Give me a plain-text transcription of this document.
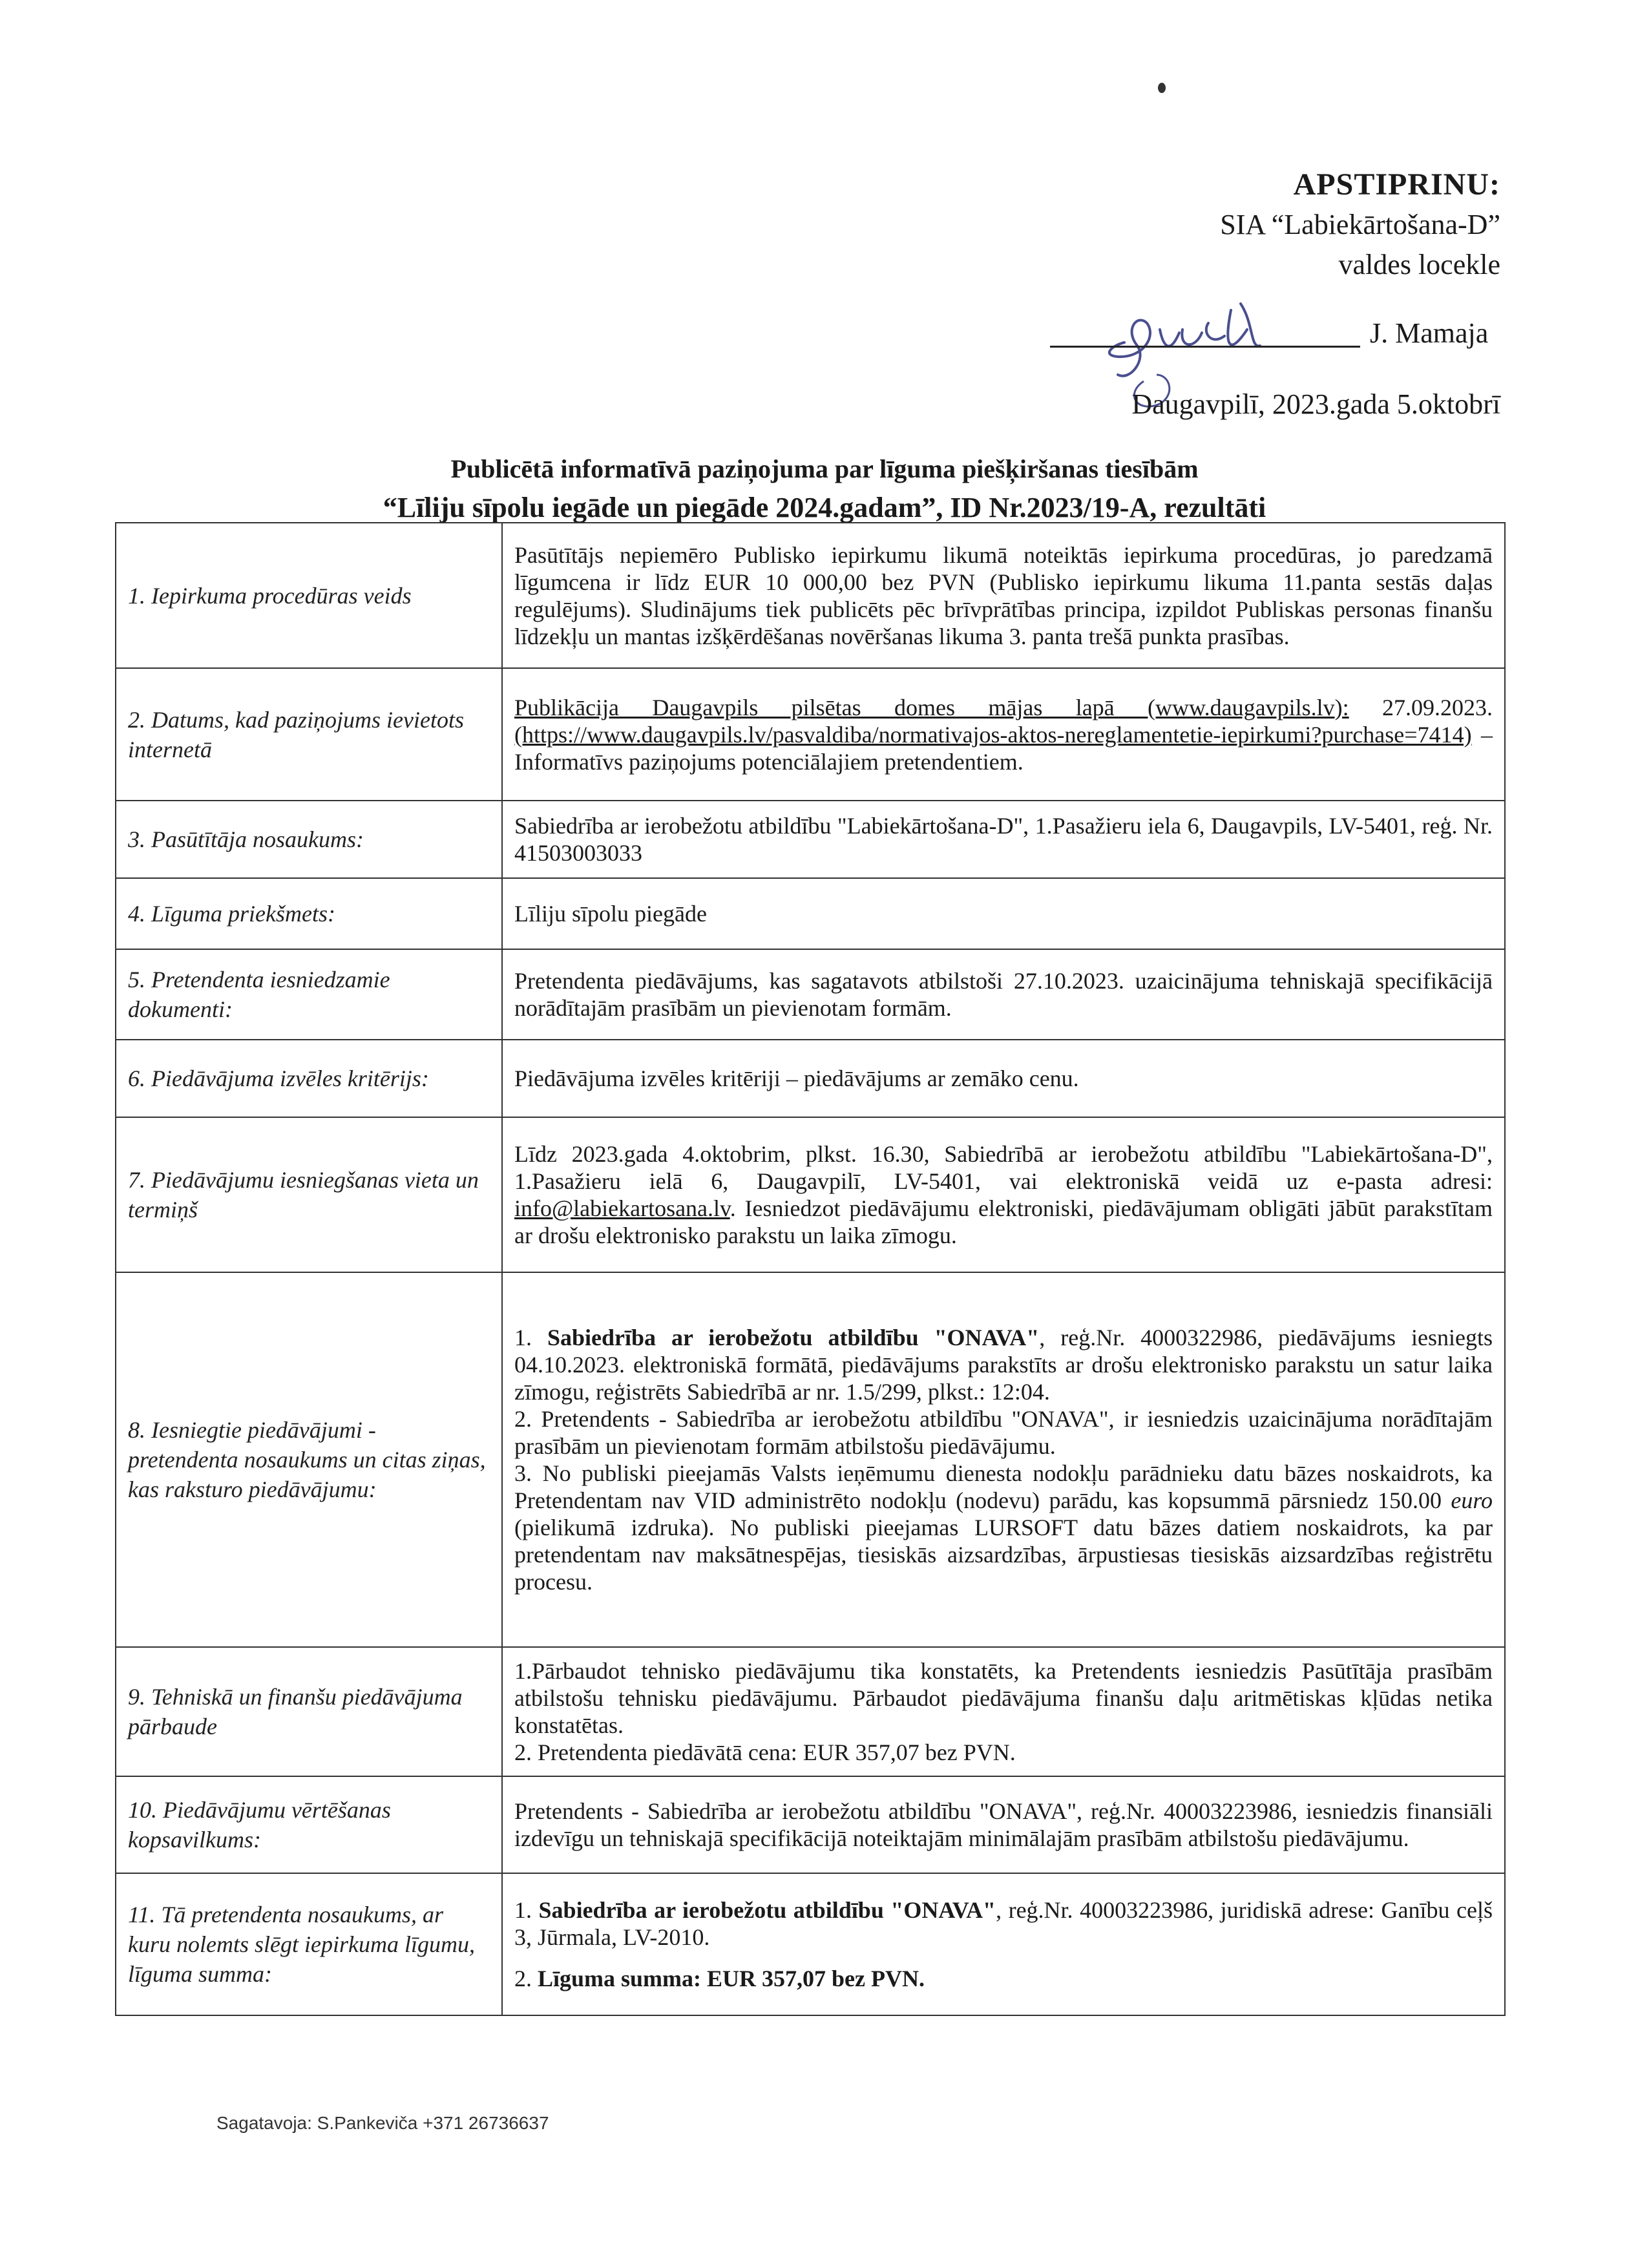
APSTIPRINU:
SIA “Labiekārtošana-D”
valdes locekle
J. Mamaja
Daugavpilī, 2023.gada 5.oktobrī
Publicētā informatīvā paziņojuma par līguma piešķiršanas tiesībām
“Līliju sīpolu iegāde un piegāde 2024.gadam”, ID Nr.2023/19-A, rezultāti
1. Iepirkuma procedūras veids	Pasūtītājs nepiemēro Publisko iepirkumu likumā noteiktās iepirkuma procedūras, jo paredzamā līgumcena ir līdz EUR 10 000,00 bez PVN (Publisko iepirkumu likuma 11.panta sestās daļas regulējums). Sludinājums tiek publicēts pēc brīvprātības principa, izpildot Publiskas personas finanšu līdzekļu un mantas izšķērdēšanas novēršanas likuma 3. panta trešā punkta prasības.
2. Datums, kad paziņojums ievietots internetā	Publikācija Daugavpils pilsētas domes mājas lapā (www.daugavpils.lv): 27.09.2023. (https://www.daugavpils.lv/pasvaldiba/normativajos-aktos-nereglamentetie-iepirkumi?purchase=7414) – Informatīvs paziņojums potenciālajiem pretendentiem.
3. Pasūtītāja nosaukums:	Sabiedrība ar ierobežotu atbildību "Labiekārtošana-D", 1.Pasažieru iela 6, Daugavpils, LV-5401, reģ. Nr. 41503003033
4. Līguma priekšmets:	Līliju sīpolu piegāde
5. Pretendenta iesniedzamie dokumenti:	Pretendenta piedāvājums, kas sagatavots atbilstoši 27.10.2023. uzaicinājuma tehniskajā specifikācijā norādītajām prasībām un pievienotam formām.
6. Piedāvājuma izvēles kritērijs:	Piedāvājuma izvēles kritēriji – piedāvājums ar zemāko cenu.
7. Piedāvājumu iesniegšanas vieta un termiņš	Līdz 2023.gada 4.oktobrim, plkst. 16.30, Sabiedrībā ar ierobežotu atbildību "Labiekārtošana-D", 1.Pasažieru ielā 6, Daugavpilī, LV-5401, vai elektroniskā veidā uz e-pasta adresi: info@labiekartosana.lv. Iesniedzot piedāvājumu elektroniski, piedāvājumam obligāti jābūt parakstītam ar drošu elektronisko parakstu un laika zīmogu.
8. Iesniegtie piedāvājumi - pretendenta nosaukums un citas ziņas, kas raksturo piedāvājumu:	1. Sabiedrība ar ierobežotu atbildību "ONAVA", reģ.Nr. 4000322986, piedāvājums iesniegts 04.10.2023. elektroniskā formātā, piedāvājums parakstīts ar drošu elektronisko parakstu un satur laika zīmogu, reģistrēts Sabiedrībā ar nr. 1.5/299, plkst.: 12:04.
2. Pretendents - Sabiedrība ar ierobežotu atbildību "ONAVA", ir iesniedzis uzaicinājuma norādītajām prasībām un pievienotam formām atbilstošu piedāvājumu.
3. No publiski pieejamās Valsts ieņēmumu dienesta nodokļu parādnieku datu bāzes noskaidrots, ka Pretendentam nav VID administrēto nodokļu (nodevu) parādu, kas kopsummā pārsniedz 150.00 euro (pielikumā izdruka). No publiski pieejamas LURSOFT datu bāzes datiem noskaidrots, ka par pretendentam nav maksātnespējas, tiesiskās aizsardzības, ārpustiesas tiesiskās aizsardzības reģistrētu procesu.

9. Tehniskā un finanšu piedāvājuma pārbaude	1.Pārbaudot tehnisko piedāvājumu tika konstatēts, ka Pretendents iesniedzis Pasūtītāja prasībām atbilstošu tehnisku piedāvājumu. Pārbaudot piedāvājuma finanšu daļu aritmētiskas kļūdas netika konstatētas.
2. Pretendenta piedāvātā cena: EUR 357,07 bez PVN.

10. Piedāvājumu vērtēšanas kopsavilkums:	Pretendents - Sabiedrība ar ierobežotu atbildību "ONAVA", reģ.Nr. 40003223986, iesniedzis finansiāli izdevīgu un tehniskajā specifikācijā noteiktajām minimālajām prasībām atbilstošu piedāvājumu.
11. Tā pretendenta nosaukums, ar kuru nolemts slēgt iepirkuma līgumu, līguma summa:	1. Sabiedrība ar ierobežotu atbildību "ONAVA", reģ.Nr. 40003223986, juridiskā adrese: Ganību ceļš 3, Jūrmala, LV-2010.
2. Līguma summa: EUR 357,07 bez PVN.
Sagatavoja: S.Pankeviča +371 26736637
